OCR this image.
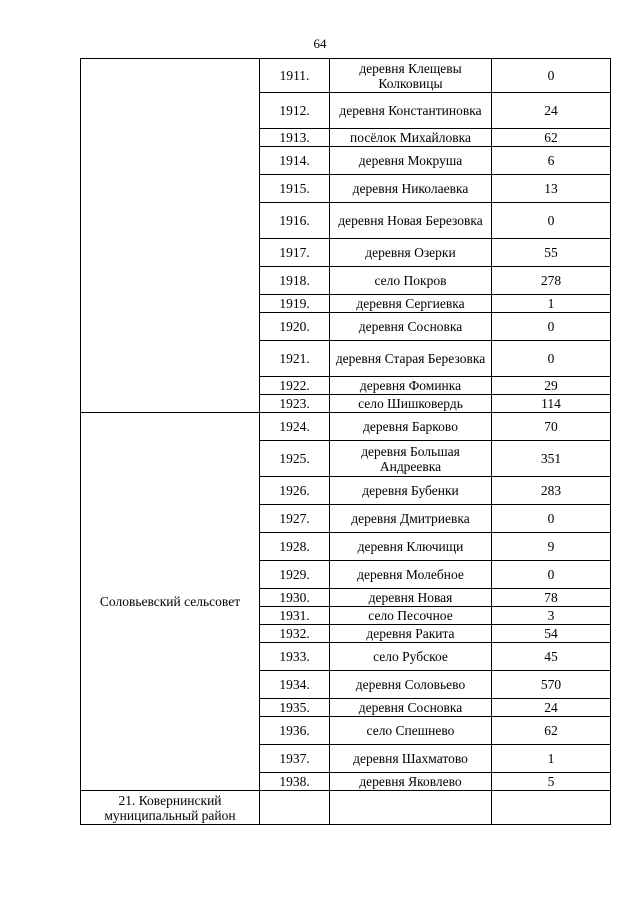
64
	1911.	деревня Клещевы Колковицы	0
	1912.	деревня Константиновка	24
	1913.	посёлок Михайловка	62
	1914.	деревня Мокруша	6
	1915.	деревня Николаевка	13
	1916.	деревня Новая Березовка	0
	1917.	деревня Озерки	55
	1918.	село Покров	278
	1919.	деревня Сергиевка	1
	1920.	деревня Сосновка	0
	1921.	деревня Старая Березовка	0
	1922.	деревня Фоминка	29
	1923.	село Шишковердь	114
Соловьевский сельсовет	1924.	деревня Барково	70
	1925.	деревня Большая Андреевка	351
	1926.	деревня Бубенки	283
	1927.	деревня Дмитриевка	0
	1928.	деревня Ключищи	9
	1929.	деревня Молебное	0
	1930.	деревня Новая	78
	1931.	село Песочное	3
	1932.	деревня Ракита	54
	1933.	село Рубское	45
	1934.	деревня Соловьево	570
	1935.	деревня Сосновка	24
	1936.	село Спешнево	62
	1937.	деревня Шахматово	1
	1938.	деревня Яковлево	5
21. Ковернинский муниципальный район			
